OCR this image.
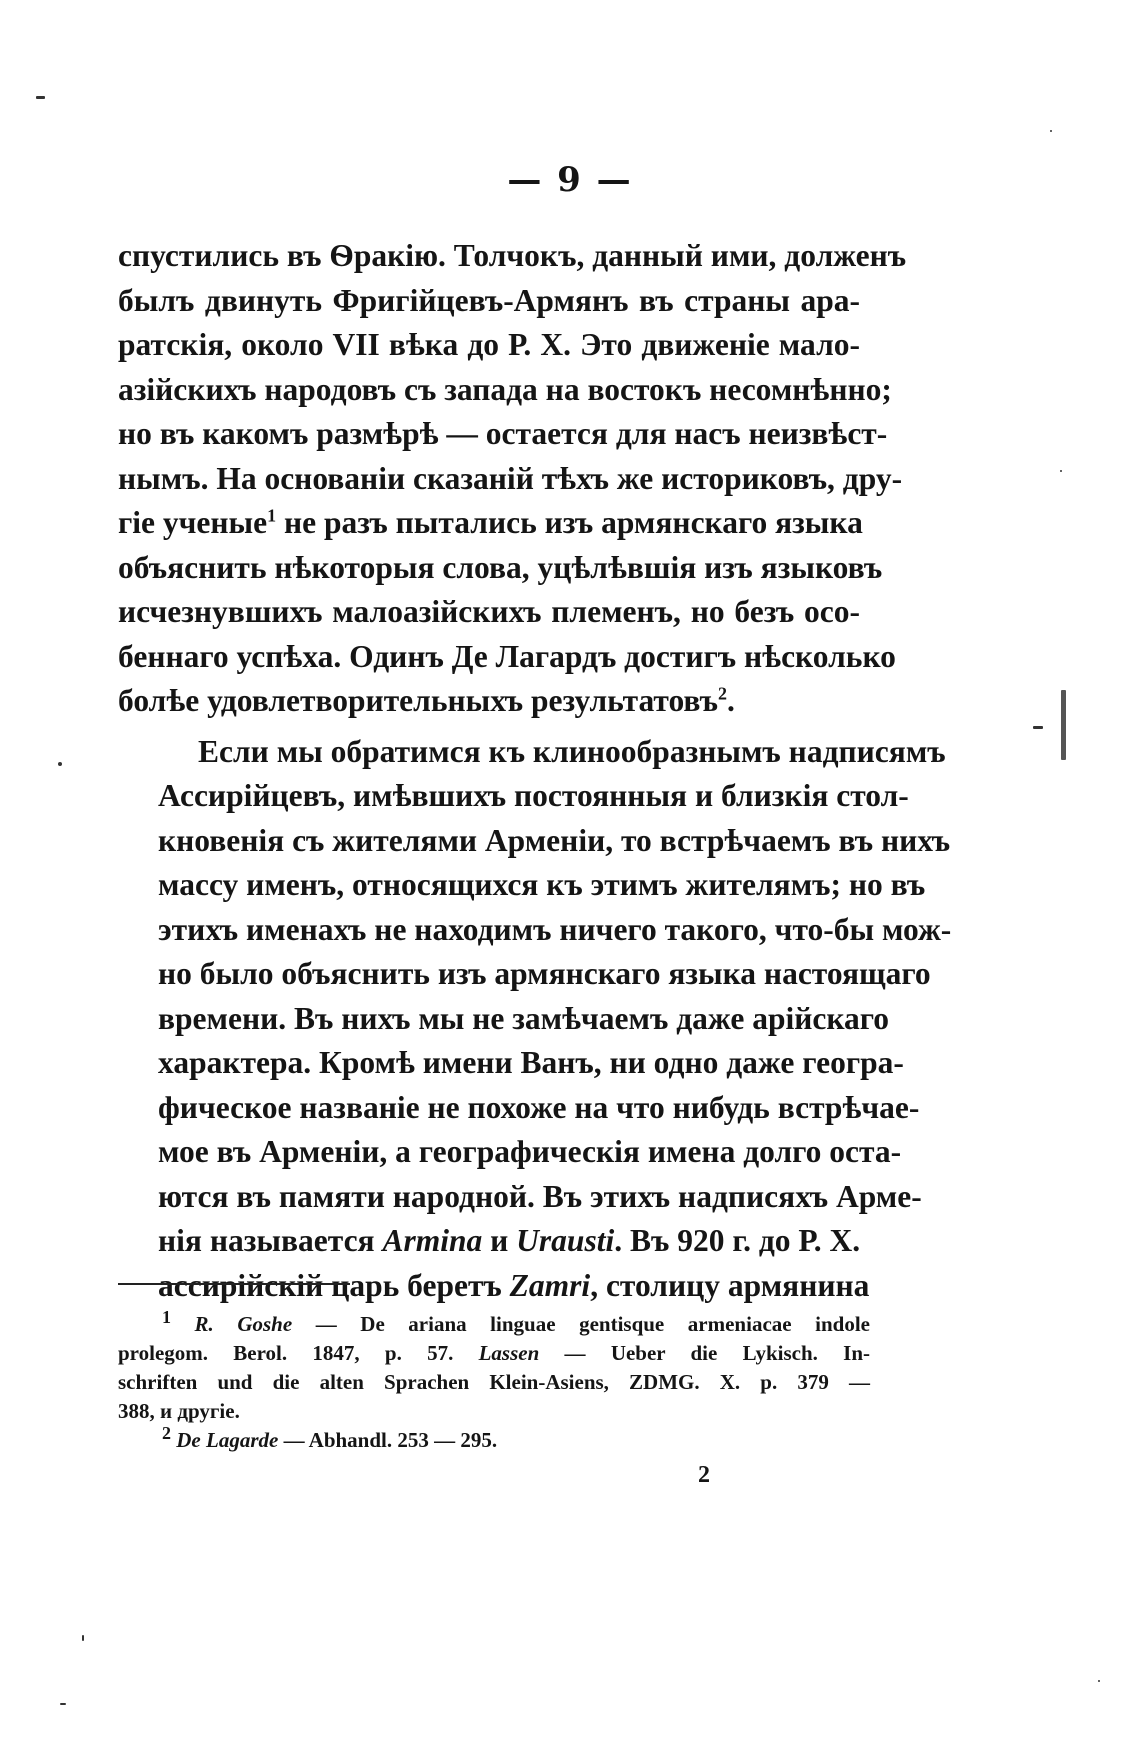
— 9 —

спустились въ Ѳракію. Толчокъ, данный ими, долженъ
былъ двинуть Фригійцевъ-Армянъ въ страны ара-
ратскія, около VII вѣка до Р. Х. Это движеніе мало-
азійскихъ народовъ съ запада на востокъ несомнѣнно;
но въ какомъ размѣрѣ — остается для насъ неизвѣст-
нымъ. На основаніи сказаній тѣхъ же историковъ, дру-
гіе ученые$^1$ не разъ пытались изъ армянскаго языка
объяснить нѣкоторыя слова, уцѣлѣвшія изъ языковъ
исчезнувшихъ малоазійскихъ племенъ, но безъ осо-
беннаго успѣха. Одинъ Де Лагардъ достигъ нѣсколько
болѣе удовлетворительныхъ результатовъ$^2$.

Если мы обратимся къ клинообразнымъ надписямъ
Ассирійцевъ, имѣвшихъ постоянныя и близкія стол-
кновенія съ жителями Арменіи, то встрѣчаемъ въ нихъ
массу именъ, относящихся къ этимъ жителямъ; но въ
этихъ именахъ не находимъ ничего такого, что-бы мож-
но было объяснить изъ армянскаго языка настоящаго
времени. Въ нихъ мы не замѣчаемъ даже арійскаго
характера. Кромѣ имени Ванъ, ни одно даже геогра-
фическое названіе не похоже на что нибудь встрѣчае-
мое въ Арменіи, а географическія имена долго оста-
ются въ памяти народной. Въ этихъ надписяхъ Арме-
нія называется Armina и Urausti. Въ 920 г. до Р. Х.
ассирійскій царь беретъ Zamri, столицу армянина

$^1$ R. Goshe — De ariana linguae gentisque armeniacae indole
prolegom. Berol. 1847, p. 57. Lassen — Ueber die Lykisch. In-
schriften und die alten Sprachen Klein-Asiens, ZDMG. X. p. 379 —
388, и другіе.
$^2$ De Lagarde — Abhandl. 253 — 295.
2
